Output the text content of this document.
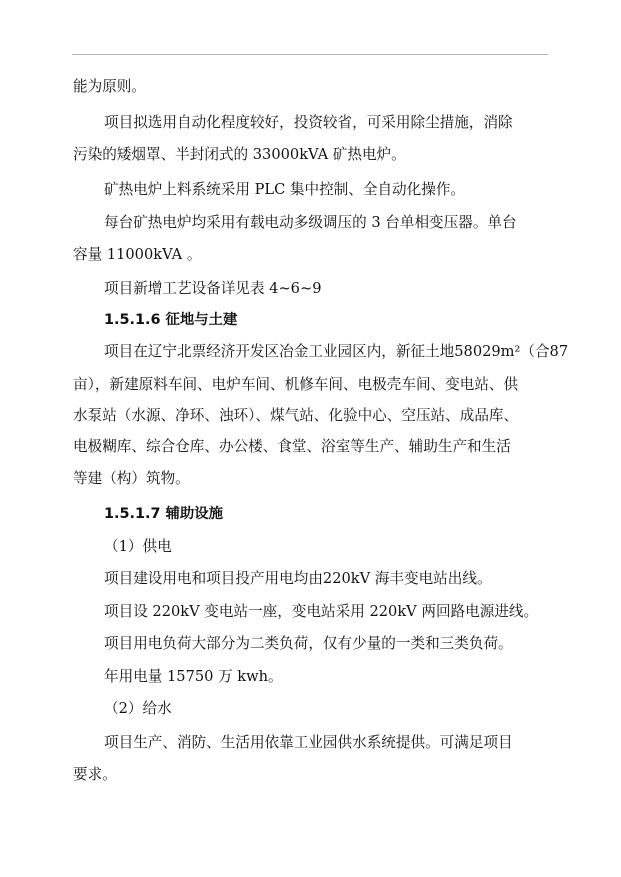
能为原则。
项目拟选用自动化程度较好，投资较省，可采用除尘措施，消除
污染的矮烟罩、半封闭式的 33000kVA 矿热电炉。
矿热电炉上料系统采用 PLC 集中控制、全自动化操作。
每台矿热电炉均采用有载电动多级调压的 3 台单相变压器。单台
容量 11000kVA 。
项目新增工艺设备详见表 4~6~9
1.5.1.6 征地与土建
项目在辽宁北票经济开发区冶金工业园区内，新征土地58029m²（合87
亩），新建原料车间、电炉车间、机修车间、电极壳车间、变电站、供
水泵站（水源、净环、浊环）、煤气站、化验中心、空压站、成品库、
电极糊库、综合仓库、办公楼、食堂、浴室等生产、辅助生产和生活
等建（构）筑物。
1.5.1.7 辅助设施
（1）供电
项目建设用电和项目投产用电均由220kV 海丰变电站出线。
项目设 220kV 变电站一座，变电站采用 220kV 两回路电源进线。
项目用电负荷大部分为二类负荷，仅有少量的一类和三类负荷。
年用电量 15750 万 kwh。
（2）给水
项目生产、消防、生活用依靠工业园供水系统提供。可满足项目
要求。
